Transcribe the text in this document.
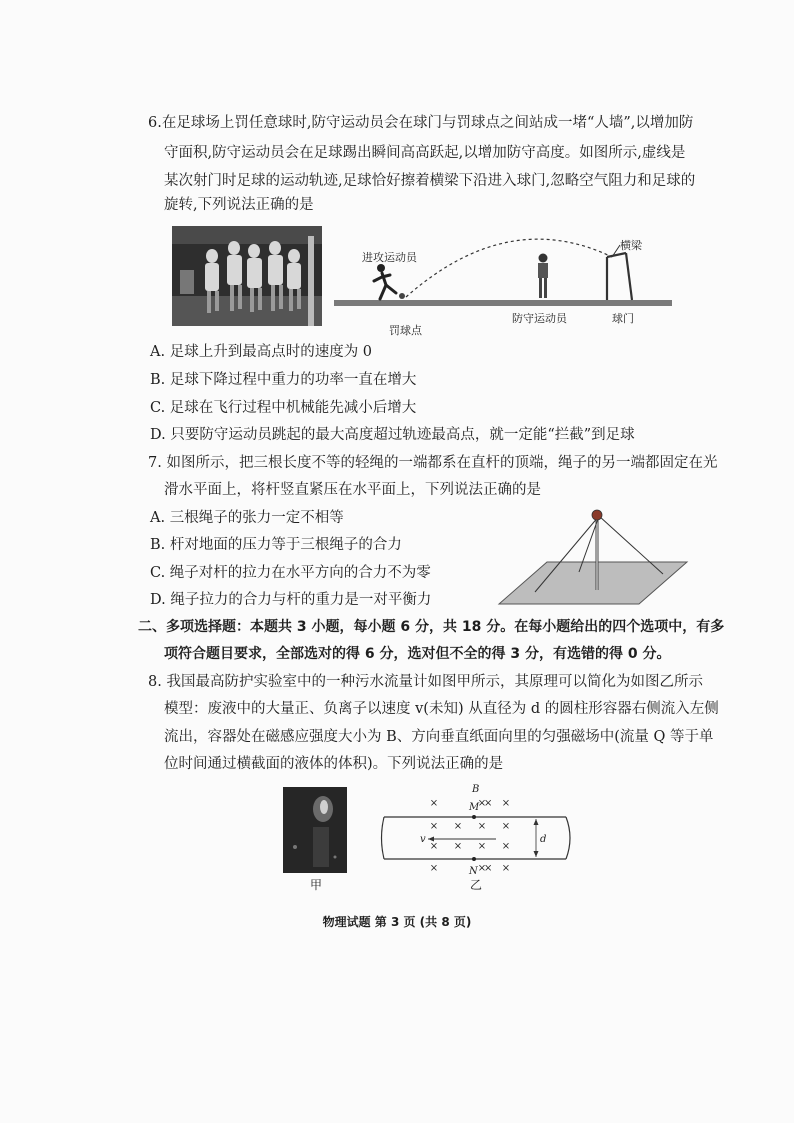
6.在足球场上罚任意球时,防守运动员会在球门与罚球点之间站成一堵“人墙”,以增加防
守面积,防守运动员会在足球踢出瞬间高高跃起,以增加防守高度。如图所示,虚线是
某次射门时足球的运动轨迹,足球恰好擦着横梁下沿进入球门,忽略空气阻力和足球的
旋转,下列说法正确的是
进攻运动员
横梁
罚球点
防守运动员	球门
A. 足球上升到最高点时的速度为 0
B. 足球下降过程中重力的功率一直在增大
C. 足球在飞行过程中机械能先减小后增大
D. 只要防守运动员跳起的最大高度超过轨迹最高点，就一定能“拦截”到足球
7. 如图所示，把三根长度不等的轻绳的一端都系在直杆的顶端，绳子的另一端都固定在光
滑水平面上，将杆竖直紧压在水平面上，下列说法正确的是
A. 三根绳子的张力一定不相等
B. 杆对地面的压力等于三根绳子的合力
C. 绳子对杆的拉力在水平方向的合力不为零
D. 绳子拉力的合力与杆的重力是一对平衡力
二、多项选择题：本题共 3 小题，每小题 6 分，共 18 分。在每小题给出的四个选项中，有多
项符合题目要求，全部选对的得 6 分，选对但不全的得 3 分，有选错的得 0 分。
8. 我国最高防护实验室中的一种污水流量计如图甲所示，其原理可以简化为如图乙所示
模型：废液中的大量正、负离子以速度 v(未知) 从直径为 d 的圆柱形容器右侧流入左侧
流出，容器处在磁感应强度大小为 B、方向垂直纸面向里的匀强磁场中(流量 Q 等于单
位时间通过横截面的液体的体积)。下列说法正确的是
甲
×	× ×
× × × ×
× × × ×
×	× ×
×
×
B
M
N
v	d
乙
物理试题 第 3 页 (共 8 页)
